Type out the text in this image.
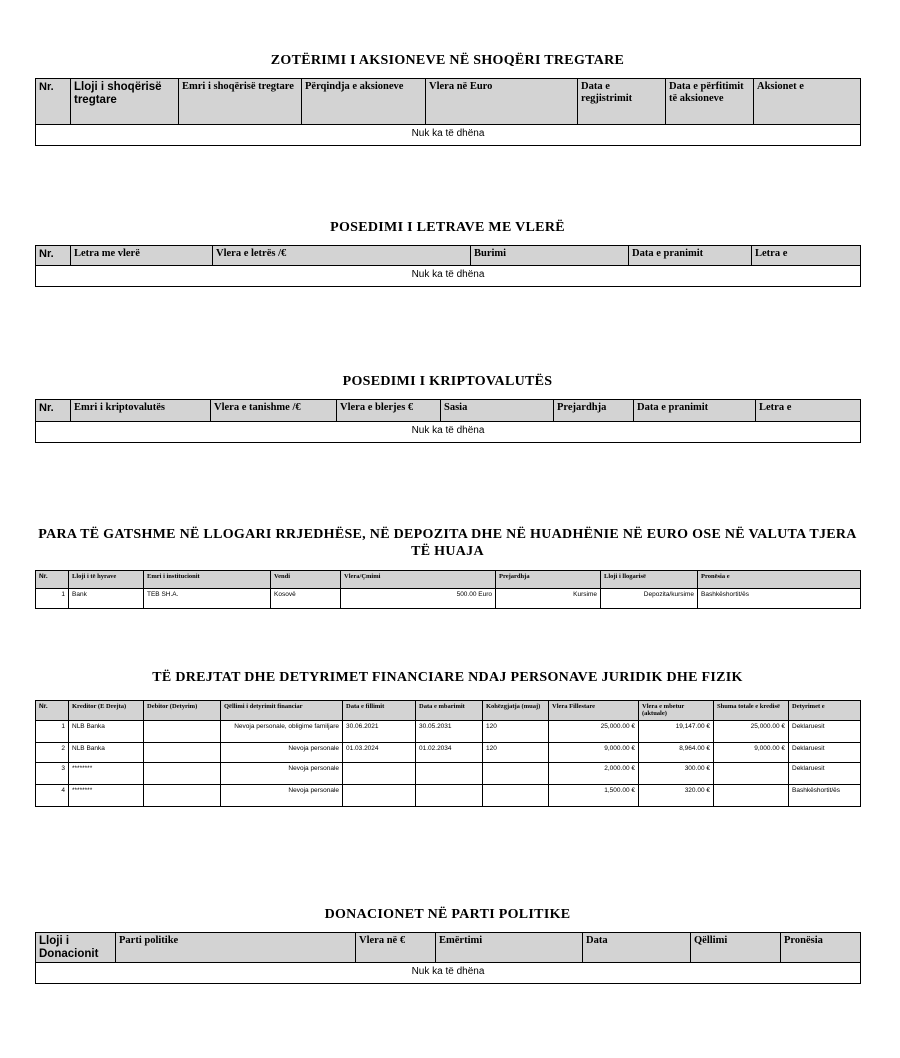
ZOTËRIMI I AKSIONEVE NË SHOQËRI TREGTARE
Nr.	Lloji i shoqërisë tregtare	Emri i shoqërisë tregtare	Përqindja e aksioneve	Vlera në Euro	Data e regjistrimit	Data e përfitimit të aksioneve	Aksionet e
Nuk ka të dhëna
POSEDIMI I LETRAVE ME VLERË
Nr.	Letra me vlerë	Vlera e letrës /€	Burimi	Data e pranimit	Letra e
Nuk ka të dhëna
POSEDIMI I KRIPTOVALUTËS
Nr.	Emri i kriptovalutës	Vlera e tanishme /€	Vlera e blerjes €	Sasia	Prejardhja	Data e pranimit	Letra e
Nuk ka të dhëna
PARA TË GATSHME NË LLOGARI RRJEDHËSE, NË DEPOZITA DHE NË HUADHËNIE NË EURO OSE NË VALUTA TJERA TË HUAJA
Nr.	Lloji i të hyrave	Emri i institucionit	Vendi	Vlera/Çmimi	Prejardhja	Lloji i llogarisë	Pronësia e
1	Bank	TEB SH.A.	Kosovë	500.00 Euro	Kursime	Depozita/kursime	Bashkëshortit/ës
TË DREJTAT DHE DETYRIMET FINANCIARE NDAJ PERSONAVE JURIDIK DHE FIZIK
Nr.	Kreditor (E Drejta)	Debitor (Detyrim)	Qëllimi i detyrimit financiar	Data e fillimit	Data e mbarimit	Kohëzgjatja (muaj)	Vlera Fillestare	Vlera e mbetur (aktuale)	Shuma totale e kredisë	Detyrimet e
1	NLB Banka		Nevoja personale, obligime familjare	30.06.2021	30.05.2031	120	25,000.00 €	19,147.00 €	25,000.00 €	Deklaruesit
2	NLB Banka		Nevoja personale	01.03.2024	01.02.2034	120	9,000.00 €	8,964.00 €	9,000.00 €	Deklaruesit
3	********		Nevoja personale				2,000.00 €	300.00 €		Deklaruesit
4	********		Nevoja personale				1,500.00 €	320.00 €		Bashkëshortit/ës
DONACIONET NË PARTI POLITIKE
Lloji i Donacionit	Parti politike	Vlera në €	Emërtimi	Data	Qëllimi	Pronësia
Nuk ka të dhëna
